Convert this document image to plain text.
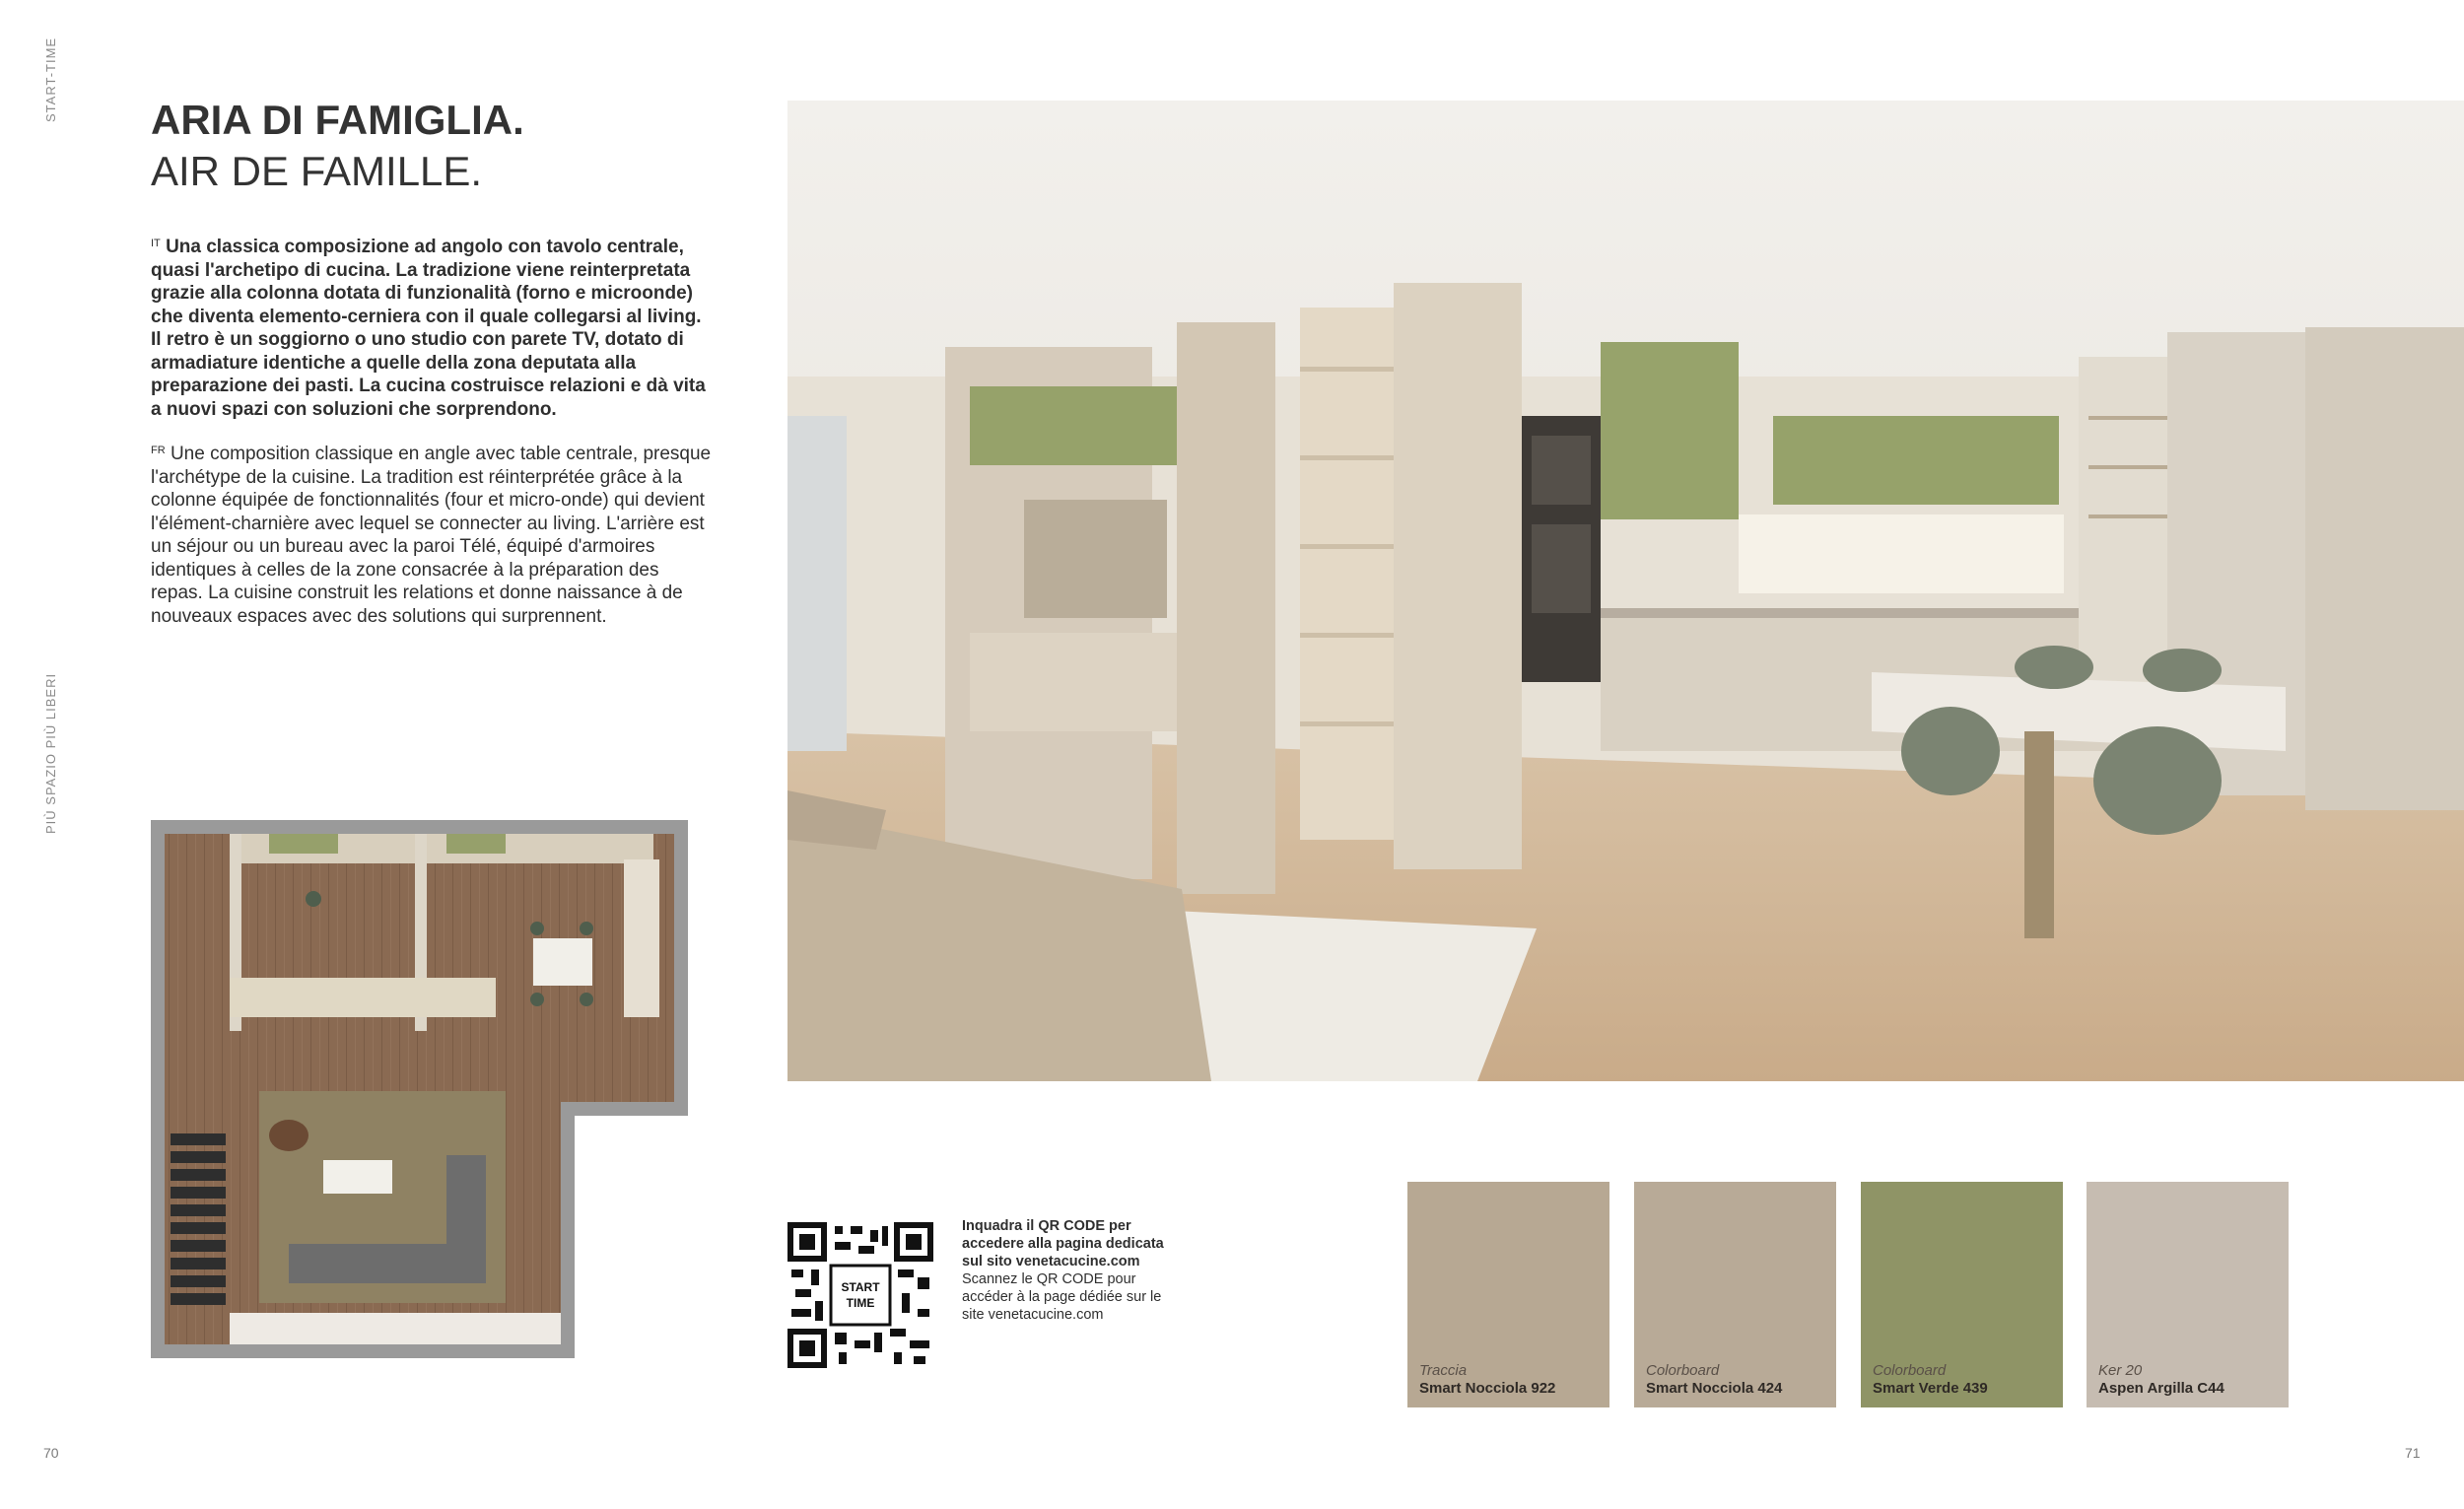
START-TIME
PIÙ SPAZIO PIÙ LIBERI
ARIA DI FAMIGLIA.
AIR DE FAMILLE.

$^{IT}$ Una classica composizione ad angolo con tavolo centrale, quasi l'archetipo di cucina. La tradizione viene reinterpretata grazie alla colonna dotata di funzionalità (forno e microonde) che diventa elemento-cerniera con il quale collegarsi al living. Il retro è un soggiorno o uno studio con parete TV, dotato di armadiature identiche a quelle della zona deputata alla preparazione dei pasti. La cucina costruisce relazioni e dà vita a nuovi spazi con soluzioni che sorprendono.

$^{FR}$ Une composition classique en angle avec table centrale, presque l'archétype de la cuisine. La tradition est réinterprétée grâce à la colonne équipée de fonctionnalités (four et micro-onde) qui devient l'élément-charnière avec lequel se connecter au living. L'arrière est un séjour ou un bureau avec la paroi Télé, équipé d'armoires identiques à celles de la zone consacrée à la préparation des repas. La cuisine construit les relations et donne naissance à de nouveaux espaces avec des solutions qui surprennent.

START
TIME

Inquadra il QR CODE per accedere alla pagina dedicata sul sito venetacucine.com

Scannez le QR CODE pour accéder à la page dédiée sur le site venetacucine.com

Traccia
Smart Nocciola 922
Colorboard
Smart Nocciola 424
Colorboard
Smart Verde 439
Ker 20
Aspen Argilla C44
70	71
